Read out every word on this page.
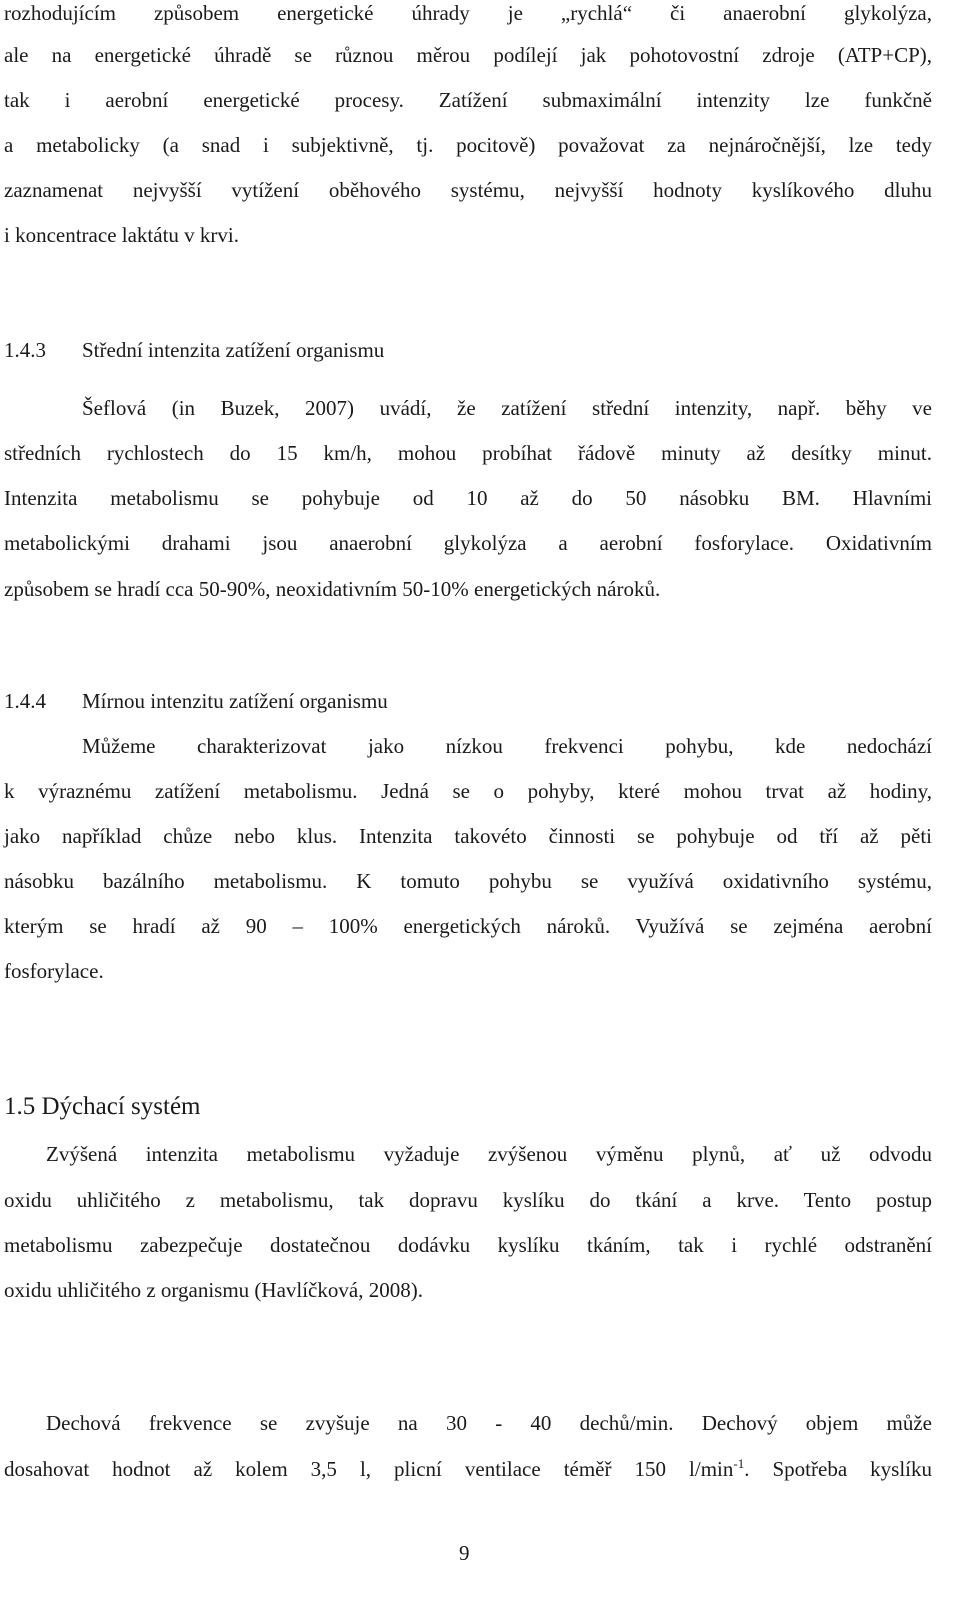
rozhodujícím způsobem energetické úhrady je „rychlá“ či anaerobní glykolýza,
ale na energetické úhradě se různou měrou podílejí jak pohotovostní zdroje (ATP+CP),
tak i aerobní energetické procesy. Zatížení submaximální intenzity lze funkčně
a metabolicky (a snad i subjektivně, tj. pocitově) považovat za nejnáročnější, lze tedy
zaznamenat nejvyšší vytížení oběhového systému, nejvyšší hodnoty kyslíkového dluhu
i koncentrace laktátu v krvi.
1.4.3 Střední intenzita zatížení organismu
Šeflová (in Buzek, 2007) uvádí, že zatížení střední intenzity, např. běhy ve
středních rychlostech do 15 km/h, mohou probíhat řádově minuty až desítky minut.
Intenzita metabolismu se pohybuje od 10 až do 50 násobku BM. Hlavními
metabolickými drahami jsou anaerobní glykolýza a aerobní fosforylace. Oxidativním
způsobem se hradí cca 50-90%, neoxidativním 50-10% energetických nároků.
1.4.4 Mírnou intenzitu zatížení organismu
Můžeme charakterizovat jako nízkou frekvenci pohybu, kde nedochází
k výraznému zatížení metabolismu. Jedná se o pohyby, které mohou trvat až hodiny,
jako například chůze nebo klus. Intenzita takovéto činnosti se pohybuje od tří až pěti
násobku bazálního metabolismu. K tomuto pohybu se využívá oxidativního systému,
kterým se hradí až 90 – 100% energetických nároků. Využívá se zejména aerobní
fosforylace.
1.5 Dýchací systém
Zvýšená intenzita metabolismu vyžaduje zvýšenou výměnu plynů, ať už odvodu
oxidu uhličitého z metabolismu, tak dopravu kyslíku do tkání a krve. Tento postup
metabolismu zabezpečuje dostatečnou dodávku kyslíku tkáním, tak i rychlé odstranění
oxidu uhličitého z organismu (Havlíčková, 2008).
Dechová frekvence se zvyšuje na 30 - 40 dechů/min. Dechový objem může
dosahovat hodnot až kolem 3,5 l, plicní ventilace téměř 150 $l/\min^{-1}$. Spotřeba kyslíku
9
